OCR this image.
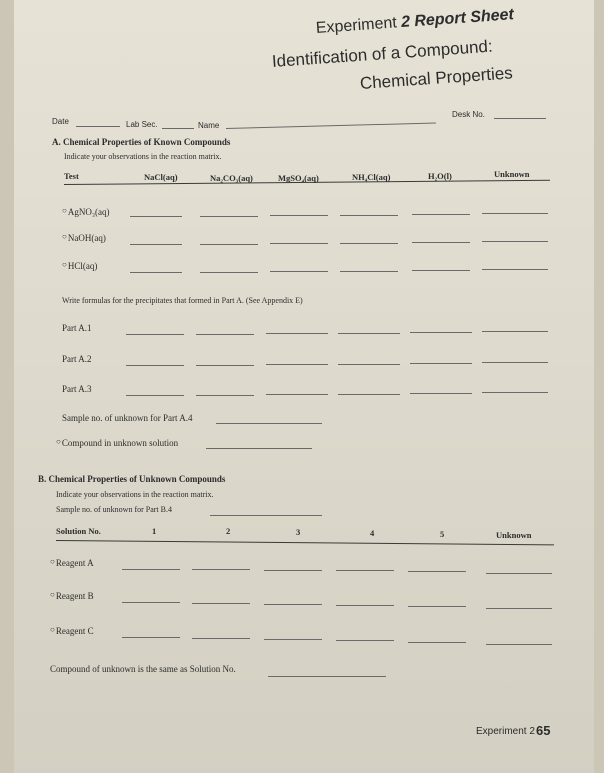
Experiment 2 Report Sheet
Identification of a Compound:
Chemical Properties
Date	Lab Sec.	Name
Desk No.
A. Chemical Properties of Known Compounds
Indicate your observations in the reaction matrix.
Test	NaCl(aq)	Na₂CO₃(aq)	MgSO₄(aq)	NH₄Cl(aq)	H₂O(l)	Unknown
○AgNO₃(aq)
○NaOH(aq)
○HCl(aq)
Write formulas for the precipitates that formed in Part A. (See Appendix E)
Part A.1
Part A.2
Part A.3
Sample no. of unknown for Part A.4
○Compound in unknown solution
B. Chemical Properties of Unknown Compounds
Indicate your observations in the reaction matrix.
Sample no. of unknown for Part B.4
Solution No.	1	2	3	4	5	Unknown
○Reagent A
○Reagent B
○Reagent C
Compound of unknown is the same as Solution No.
Experiment 2 65
